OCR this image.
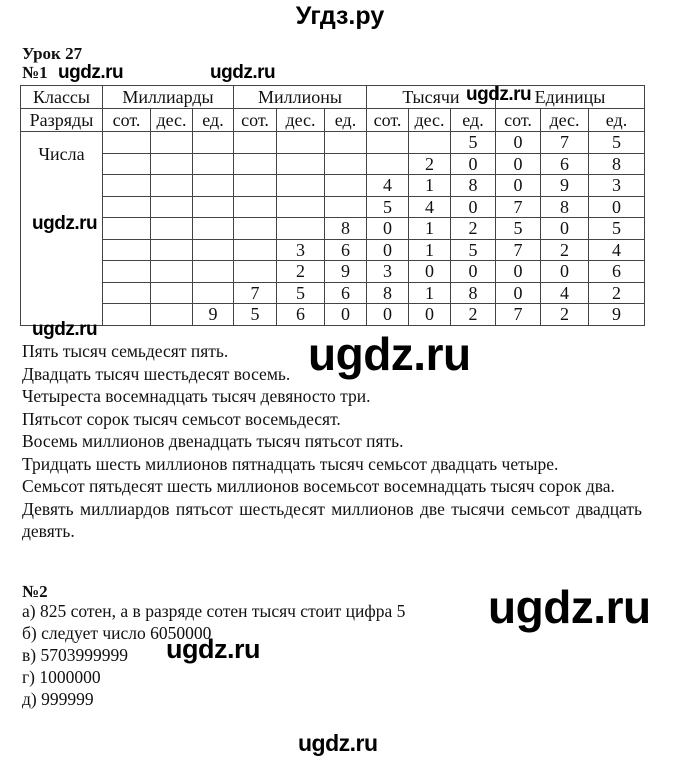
Угдз.ру
Урок 27
№1
Классы	Миллиарды			Миллионы			Тысячи			Единицы		
Разряды	сот.	дес.	ед.	сот.	дес.	ед.	сот.	дес.	ед.	сот.	дес.	ед.
Числа									5	0	7	5
								2	0	0	6	8
							4	1	8	0	9	3
							5	4	0	7	8	0
						8	0	1	2	5	0	5
					3	6	0	1	5	7	2	4
					2	9	3	0	0	0	0	6
				7	5	6	8	1	8	0	4	2
			9	5	6	0	0	0	2	7	2	9

Пять тысяч семьдесят пять.

Двадцать тысяч шестьдесят восемь.

Четыреста восемнадцать тысяч девяносто три.

Пятьсот сорок тысяч семьсот восемьдесят.

Восемь миллионов двенадцать тысяч пятьсот пять.

Тридцать шесть миллионов пятнадцать тысяч семьсот двадцать четыре.

Семьсот пятьдесят шесть миллионов восемьсот восемнадцать тысяч сорок два.

Девять миллиардов пятьсот шестьдесят миллионов две тысячи семьсот двадцать девять.

№2

а) 825 сотен, а в разряде сотен тысяч стоит цифра 5

б) следует число 6050000

в) 5703999999

г) 1000000

д) 999999

ugdz.ru	ugdz.ru
ugdz.ru
ugdz.ru
ugdz.ru	ugdz.ru
ugdz.ru
ugdz.ru
ugdz.ru
